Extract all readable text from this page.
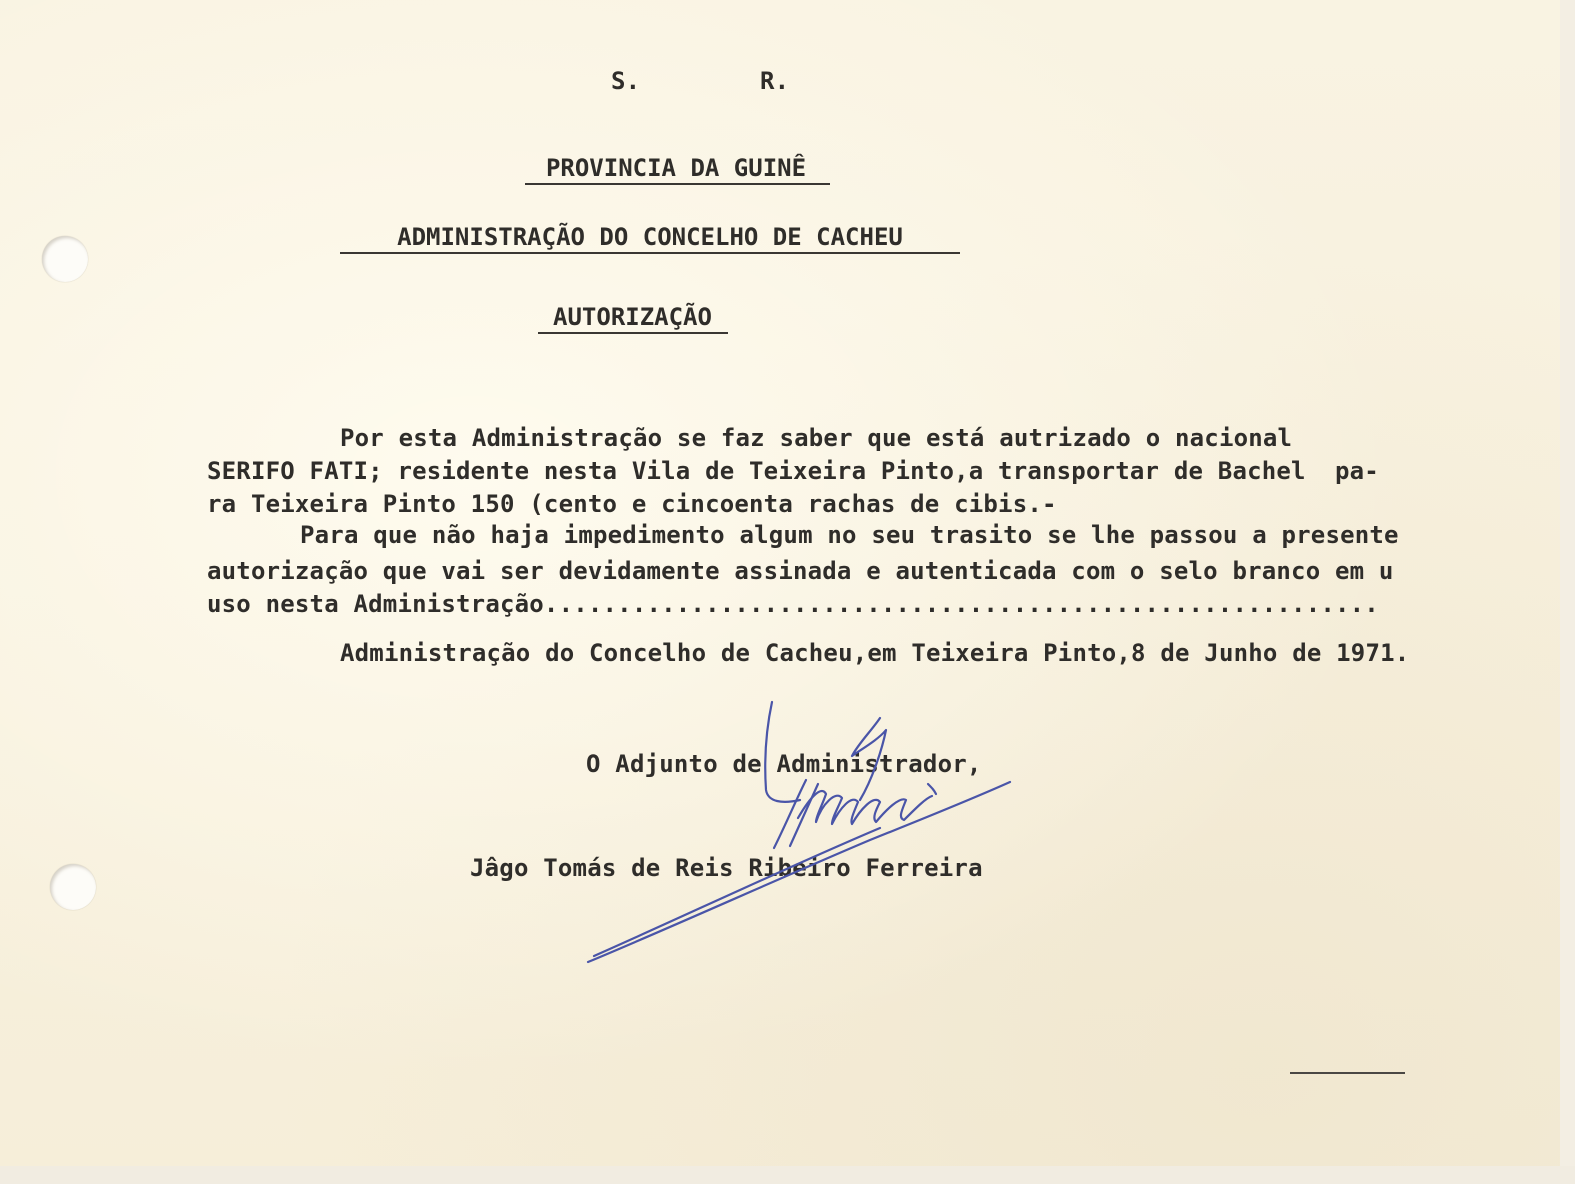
S.	R.
PROVINCIA DA GUINÊ
ADMINISTRAÇÃO DO CONCELHO DE CACHEU
AUTORIZAÇÃO
Por esta Administração se faz saber que está autrizado o nacional
SERIFO FATI; residente nesta Vila de Teixeira Pinto,a transportar de Bachel  pa-
ra Teixeira Pinto 150 (cento e cincoenta rachas de cibis.-
Para que não haja impedimento algum no seu trasito se lhe passou a presente
autorização que vai ser devidamente assinada e autenticada com o selo branco em u
uso nesta Administração.........................................................
Administração do Concelho de Cacheu,em Teixeira Pinto,8 de Junho de 1971.
O Adjunto de Administrador,
Jâgo Tomás de Reis Ribeiro Ferreira
